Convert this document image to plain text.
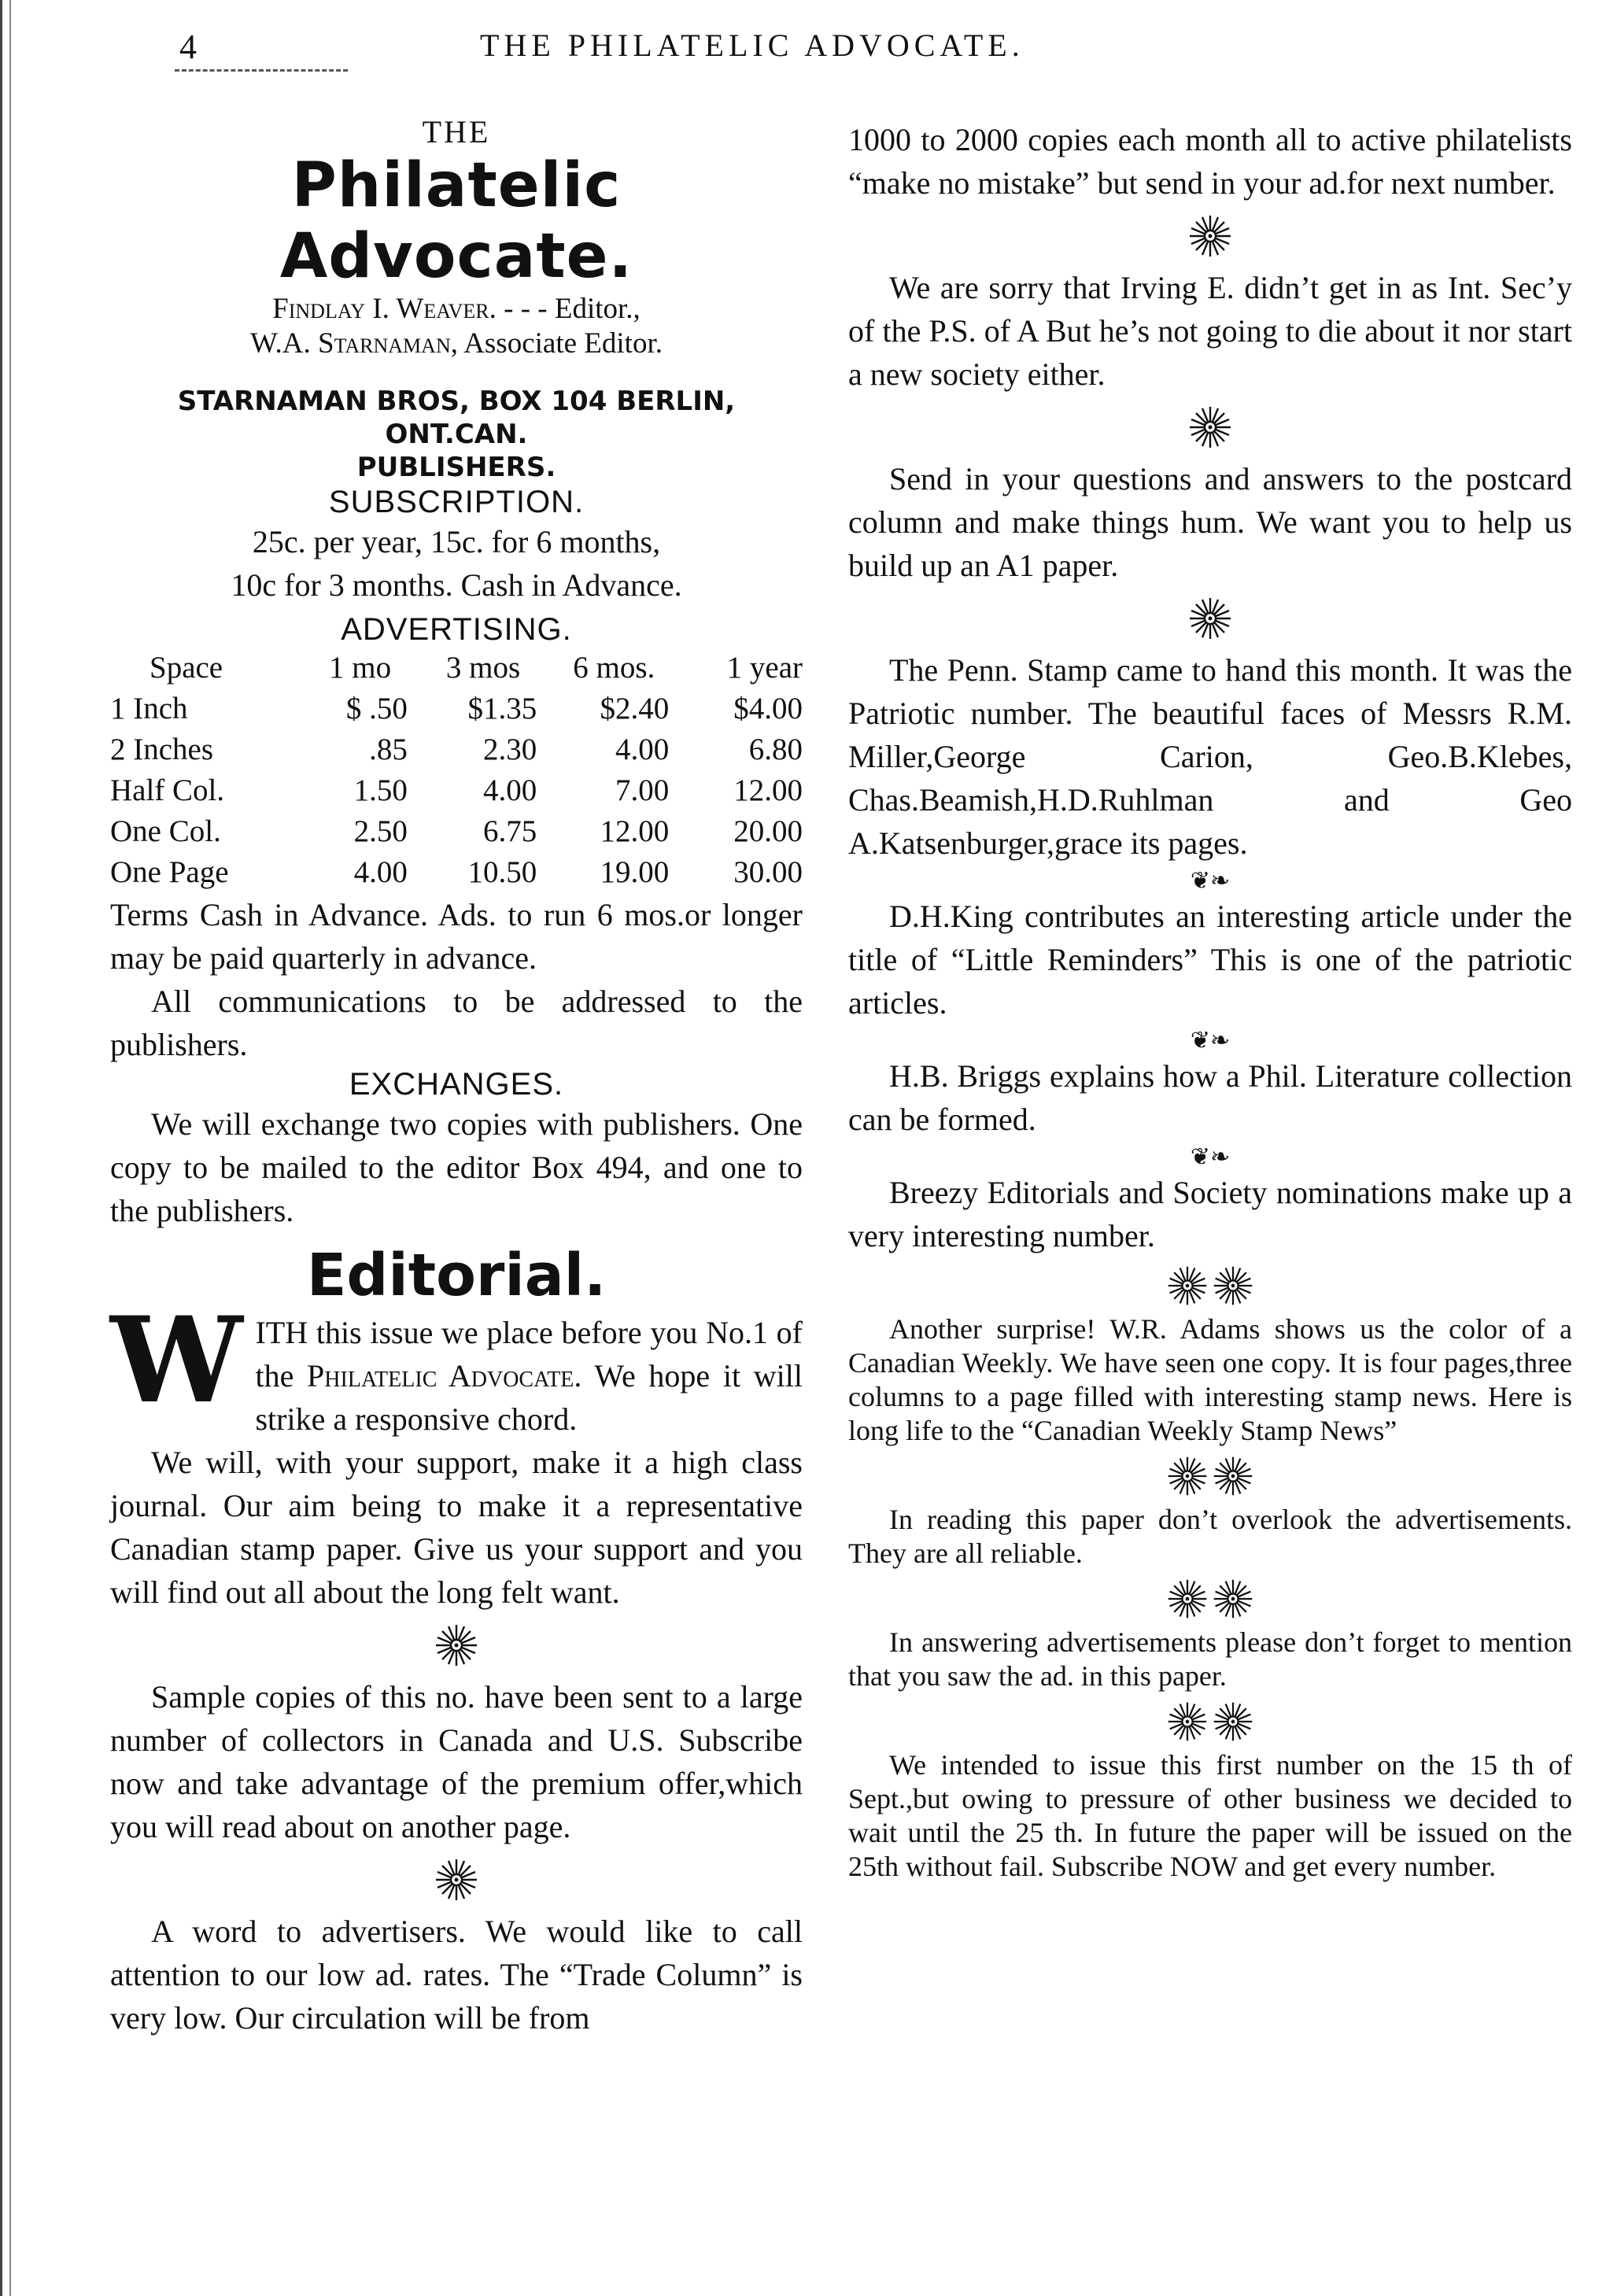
4	THE PHILATELIC ADVOCATE.
THE
Philatelic Advocate.
Findlay I. Weaver. - - - Editor.,
W.A. Starnaman, Associate Editor.
STARNAMAN BROS, BOX 104 BERLIN, ONT.CAN.
PUBLISHERS.
SUBSCRIPTION.
25c. per year, 15c. for 6 months,
10c for 3 months. Cash in Advance.
ADVERTISING.
Space	1 mo	3 mos	6 mos.	1 year
1 Inch	$ .50	$1.35	$2.40	$4.00
2 Inches	.85	2.30	4.00	6.80
Half Col.	1.50	4.00	7.00	12.00
One Col.	2.50	6.75	12.00	20.00
One Page	4.00	10.50	19.00	30.00

Terms Cash in Advance. Ads. to run 6 mos.or longer may be paid quarterly in advance.

All communications to be addressed to the publishers.

EXCHANGES.

We will exchange two copies with publishers. One copy to be mailed to the editor Box 494, and one to the publishers.

Editorial.

WITH this issue we place before you No.1 of the Philatelic Advocate. We hope it will strike a responsive chord.

We will, with your support, make it a high class journal. Our aim being to make it a representative Canadian stamp paper. Give us your support and you will find out all about the long felt want.

Sample copies of this no. have been sent to a large number of collectors in Canada and U.S. Subscribe now and take advantage of the premium offer,which you will read about on another page.

A word to advertisers. We would like to call attention to our low ad. rates. The “Trade Column” is very low. Our circulation will be from

1000 to 2000 copies each month all to active philatelists “make no mistake” but send in your ad.for next number.

We are sorry that Irving E. didn’t get in as Int. Sec’y of the P.S. of A But he’s not going to die about it nor start a new society either.

Send in your questions and answers to the postcard column and make things hum. We want you to help us build up an A1 paper.

The Penn. Stamp came to hand this month. It was the Patriotic number. The beautiful faces of Messrs R.M. Miller,George Carion, Geo.B.Klebes, Chas.Beamish,H.D.Ruhlman and Geo A.Katsenburger,grace its pages.

❦❧

D.H.King contributes an interesting article under the title of “Little Reminders” This is one of the patriotic articles.

❦❧

H.B. Briggs explains how a Phil. Literature collection can be formed.

❦❧

Breezy Editorials and Society nominations make up a very interesting number.

Another surprise! W.R. Adams shows us the color of a Canadian Weekly. We have seen one copy. It is four pages,three columns to a page filled with interesting stamp news. Here is long life to the “Canadian Weekly Stamp News”

In reading this paper don’t overlook the advertisements. They are all reliable.

In answering advertisements please don’t forget to mention that you saw the ad. in this paper.

We intended to issue this first number on the 15 th of Sept.,but owing to pressure of other business we decided to wait until the 25 th. In future the paper will be issued on the 25th without fail. Subscribe NOW and get every number.
